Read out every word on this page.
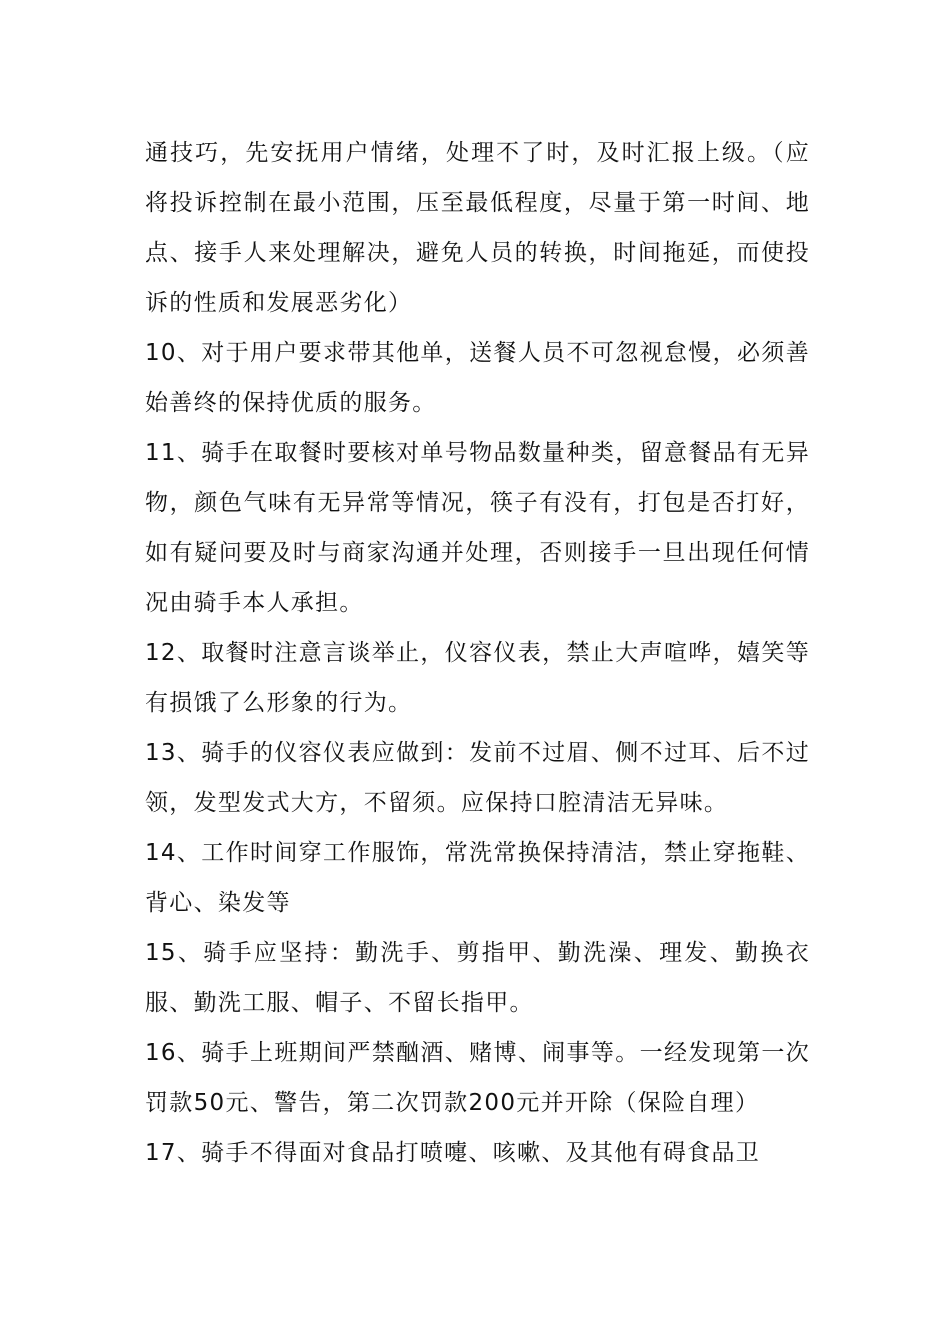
通技巧，先安抚用户情绪，处理不了时，及时汇报上级。（应将投诉控制在最小范围，压至最低程度，尽量于第一时间、地点、接手人来处理解决，避免人员的转换，时间拖延，而使投诉的性质和发展恶劣化）

10、对于用户要求带其他单，送餐人员不可忽视怠慢，必须善始善终的保持优质的服务。

11、骑手在取餐时要核对单号物品数量种类，留意餐品有无异物，颜色气味有无异常等情况，筷子有没有，打包是否打好，如有疑问要及时与商家沟通并处理，否则接手一旦出现任何情况由骑手本人承担。

12、取餐时注意言谈举止，仪容仪表，禁止大声喧哗，嬉笑等有损饿了么形象的行为。

13、骑手的仪容仪表应做到：发前不过眉、侧不过耳、后不过领，发型发式大方，不留须。应保持口腔清洁无异味。

14、工作时间穿工作服饰，常洗常换保持清洁，禁止穿拖鞋、背心、染发等

15、骑手应坚持：勤洗手、剪指甲、勤洗澡、理发、勤换衣服、勤洗工服、帽子、不留长指甲。

16、骑手上班期间严禁酗酒、赌博、闹事等。一经发现第一次罚款50元、警告，第二次罚款200元并开除（保险自理）

17、骑手不得面对食品打喷嚏、咳嗽、及其他有碍食品卫
